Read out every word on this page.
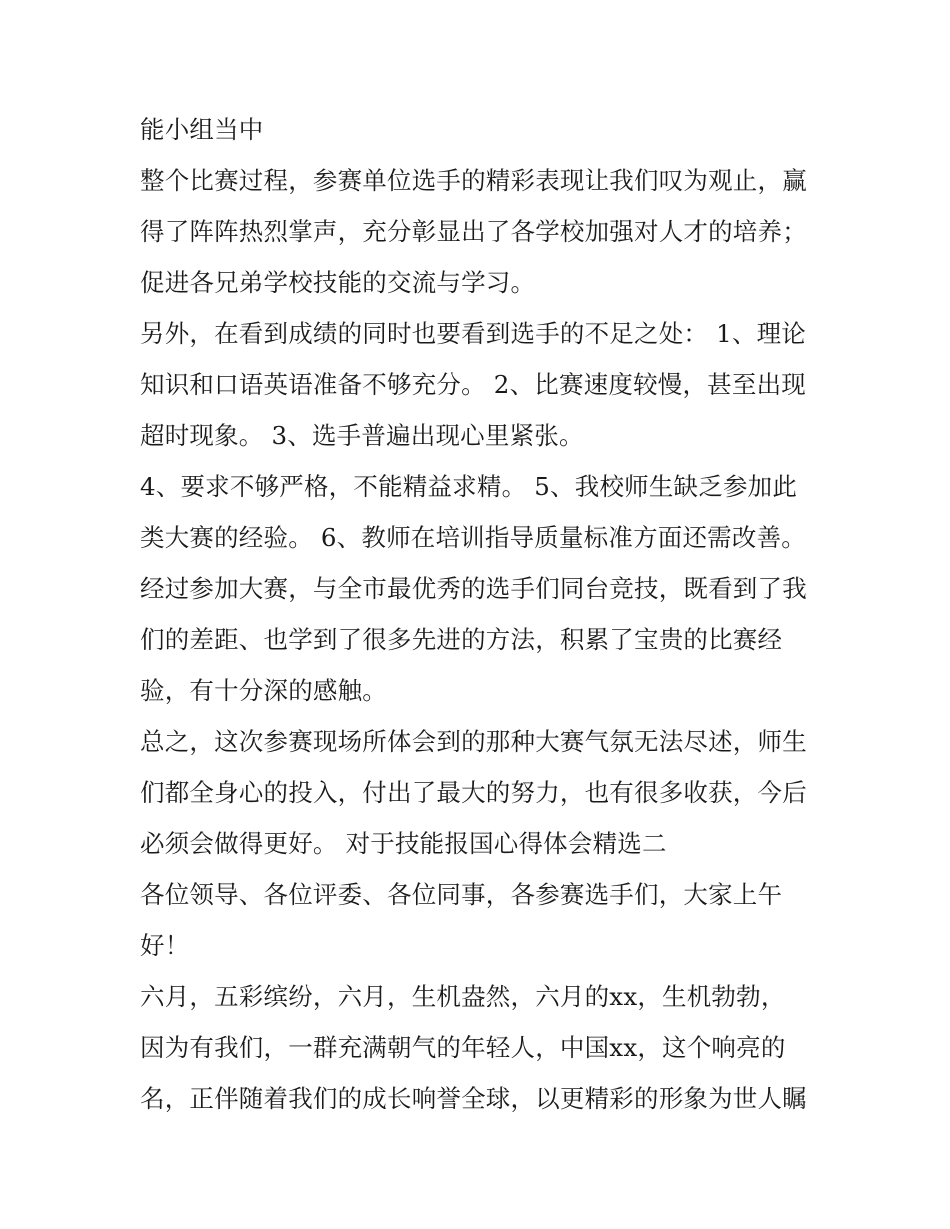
能小组当中
整个比赛过程，参赛单位选手的精彩表现让我们叹为观止，赢
得了阵阵热烈掌声，充分彰显出了各学校加强对人才的培养；
促进各兄弟学校技能的交流与学习。
另外，在看到成绩的同时也要看到选手的不足之处： 1、理论
知识和口语英语准备不够充分。 2、比赛速度较慢，甚至出现
超时现象。 3、选手普遍出现心里紧张。
4、要求不够严格，不能精益求精。 5、我校师生缺乏参加此
类大赛的经验。 6、教师在培训指导质量标准方面还需改善。
经过参加大赛，与全市最优秀的选手们同台竞技，既看到了我
们的差距、也学到了很多先进的方法，积累了宝贵的比赛经
验，有十分深的感触。
总之，这次参赛现场所体会到的那种大赛气氛无法尽述，师生
们都全身心的投入，付出了最大的努力，也有很多收获，今后
必须会做得更好。 对于技能报国心得体会精选二
各位领导、各位评委、各位同事，各参赛选手们，大家上午
好！
六月，五彩缤纷，六月，生机盎然，六月的xx，生机勃勃，
因为有我们，一群充满朝气的年轻人，中国xx，这个响亮的
名，正伴随着我们的成长响誉全球，以更精彩的形象为世人瞩
